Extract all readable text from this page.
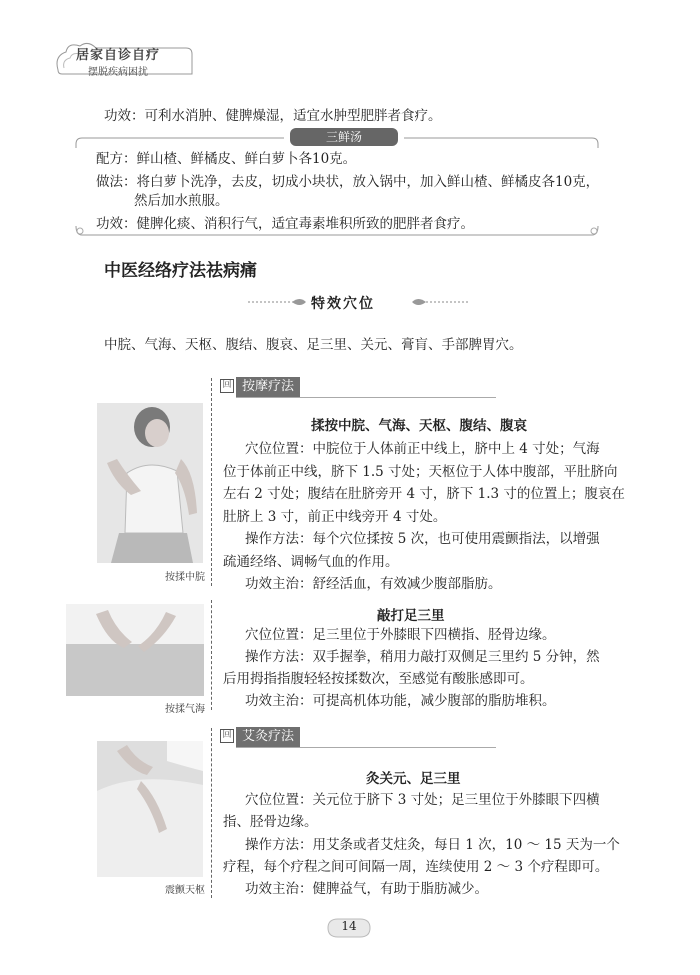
居家自诊自疗
摆脱疾病困扰
功效：可利水消肿、健脾燥湿，适宜水肿型肥胖者食疗。
三鲜汤
配方：鲜山楂、鲜橘皮、鲜白萝卜各10克。
做法：将白萝卜洗净，去皮，切成小块状，放入锅中，加入鲜山楂、鲜橘皮各10克，
然后加水煎服。
功效：健脾化痰、消积行气，适宜毒素堆积所致的肥胖者食疗。
中医经络疗法祛病痛
特效穴位
中脘、气海、天枢、腹结、腹哀、足三里、关元、膏肓、手部脾胃穴。
回 按摩疗法
按揉中脘
揉按中脘、气海、天枢、腹结、腹哀
穴位位置：中脘位于人体前正中线上，脐中上 4 寸处；气海
位于体前正中线，脐下 1.5 寸处；天枢位于人体中腹部，平肚脐向
左右 2 寸处；腹结在肚脐旁开 4 寸，脐下 1.3 寸的位置上；腹哀在
肚脐上 3 寸，前正中线旁开 4 寸处。
操作方法：每个穴位揉按 5 次，也可使用震颤指法，以增强
疏通经络、调畅气血的作用。
功效主治：舒经活血，有效减少腹部脂肪。
按揉气海
敲打足三里
穴位位置：足三里位于外膝眼下四横指、胫骨边缘。
操作方法：双手握拳，稍用力敲打双侧足三里约 5 分钟，然
后用拇指指腹轻轻按揉数次，至感觉有酸胀感即可。
功效主治：可提高机体功能，减少腹部的脂肪堆积。
回 艾灸疗法
震颤天枢
灸关元、足三里
穴位位置：关元位于脐下 3 寸处；足三里位于外膝眼下四横
指、胫骨边缘。
操作方法：用艾条或者艾炷灸，每日 1 次，10 ～ 15 天为一个
疗程，每个疗程之间可间隔一周，连续使用 2 ～ 3 个疗程即可。
功效主治：健脾益气，有助于脂肪减少。
14
